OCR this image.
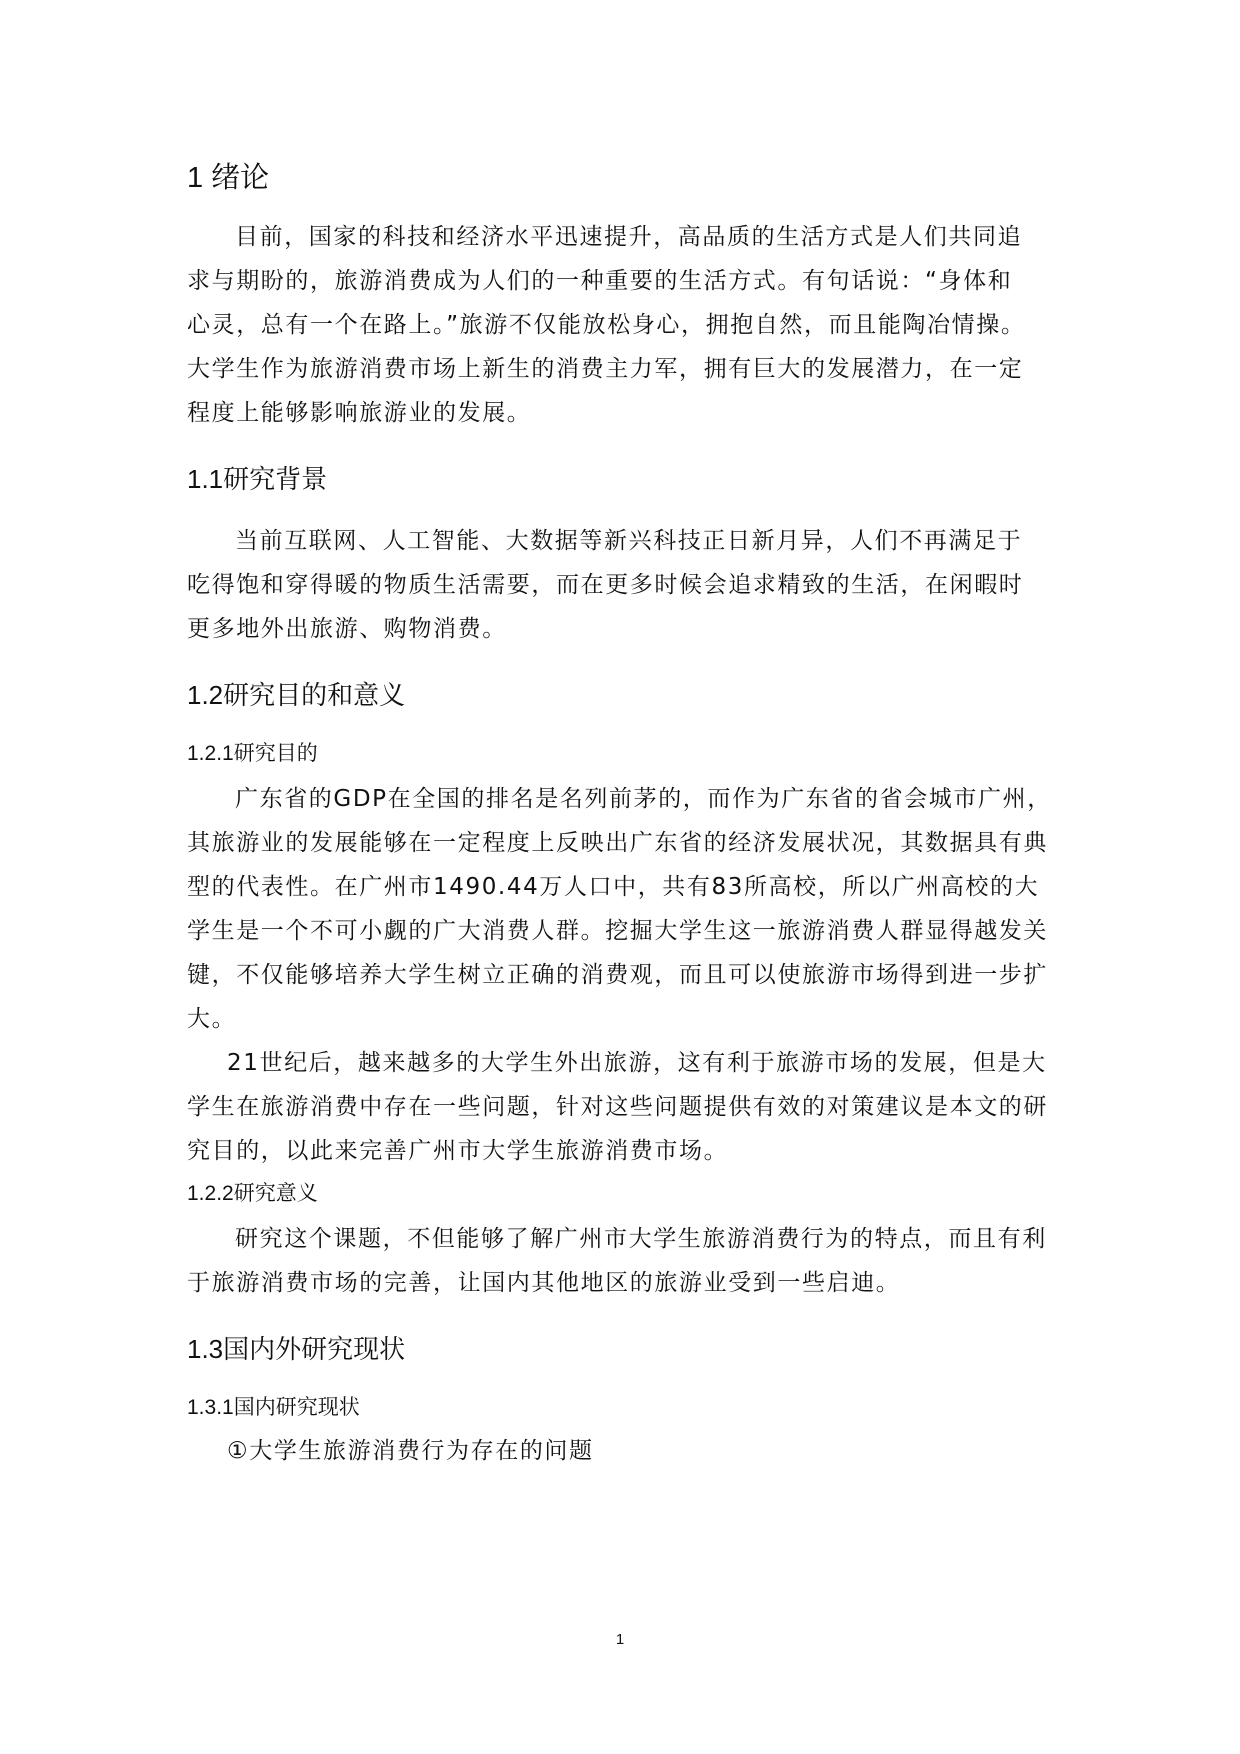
1 绪论
目前，国家的科技和经济水平迅速提升，高品质的生活方式是人们共同追
求与期盼的，旅游消费成为人们的一种重要的生活方式。有句话说：“身体和
心灵，总有一个在路上。”旅游不仅能放松身心，拥抱自然，而且能陶冶情操。
大学生作为旅游消费市场上新生的消费主力军，拥有巨大的发展潜力，在一定
程度上能够影响旅游业的发展。
1.1研究背景
当前互联网、人工智能、大数据等新兴科技正日新月异，人们不再满足于
吃得饱和穿得暖的物质生活需要，而在更多时候会追求精致的生活，在闲暇时
更多地外出旅游、购物消费。
1.2研究目的和意义
1.2.1研究目的
广东省的GDP在全国的排名是名列前茅的，而作为广东省的省会城市广州，
其旅游业的发展能够在一定程度上反映出广东省的经济发展状况，其数据具有典
型的代表性。在广州市1490.44万人口中，共有83所高校，所以广州高校的大
学生是一个不可小觑的广大消费人群。挖掘大学生这一旅游消费人群显得越发关
键，不仅能够培养大学生树立正确的消费观，而且可以使旅游市场得到进一步扩
大。
21世纪后，越来越多的大学生外出旅游，这有利于旅游市场的发展，但是大
学生在旅游消费中存在一些问题，针对这些问题提供有效的对策建议是本文的研
究目的，以此来完善广州市大学生旅游消费市场。
1.2.2研究意义
研究这个课题，不但能够了解广州市大学生旅游消费行为的特点，而且有利
于旅游消费市场的完善，让国内其他地区的旅游业受到一些启迪。
1.3国内外研究现状
1.3.1国内研究现状
①大学生旅游消费行为存在的问题
1
